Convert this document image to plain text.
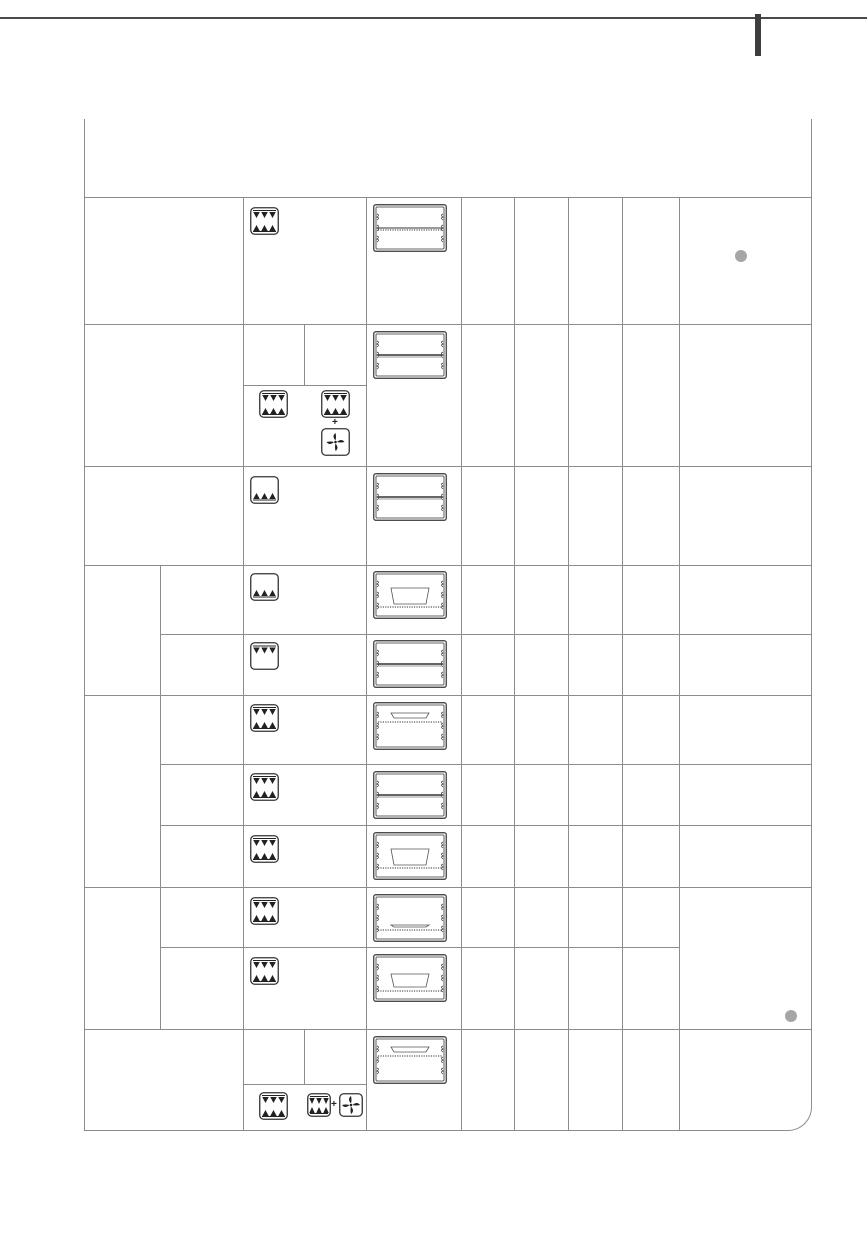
+
+
